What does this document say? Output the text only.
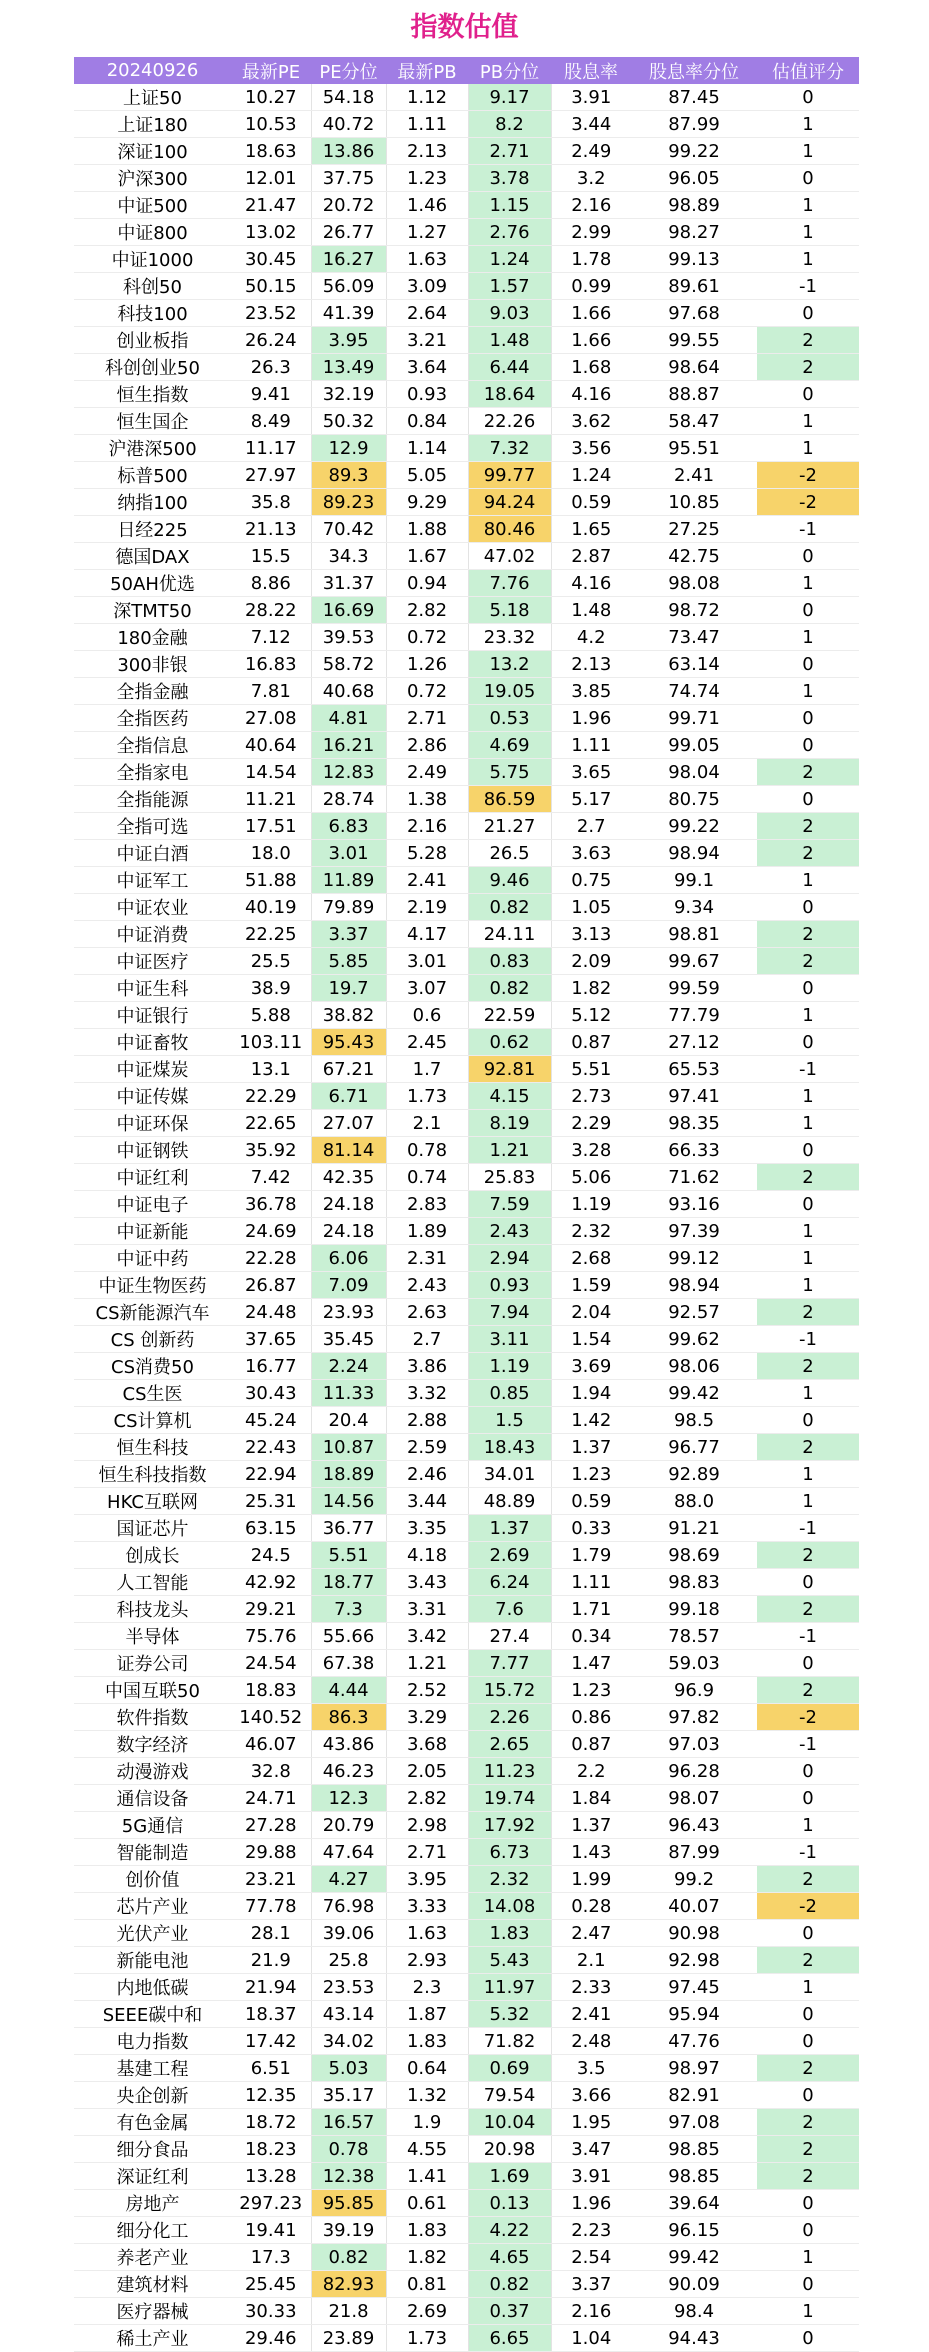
指数估值
20240926	最新PE	PE分位	最新PB	PB分位	股息率	股息率分位	估值评分
上证50	10.27	54.18	1.12	9.17	3.91	87.45	0
上证180	10.53	40.72	1.11	8.2	3.44	87.99	1
深证100	18.63	13.86	2.13	2.71	2.49	99.22	1
沪深300	12.01	37.75	1.23	3.78	3.2	96.05	0
中证500	21.47	20.72	1.46	1.15	2.16	98.89	1
中证800	13.02	26.77	1.27	2.76	2.99	98.27	1
中证1000	30.45	16.27	1.63	1.24	1.78	99.13	1
科创50	50.15	56.09	3.09	1.57	0.99	89.61	-1
科技100	23.52	41.39	2.64	9.03	1.66	97.68	0
创业板指	26.24	3.95	3.21	1.48	1.66	99.55	2
科创创业50	26.3	13.49	3.64	6.44	1.68	98.64	2
恒生指数	9.41	32.19	0.93	18.64	4.16	88.87	0
恒生国企	8.49	50.32	0.84	22.26	3.62	58.47	1
沪港深500	11.17	12.9	1.14	7.32	3.56	95.51	1
标普500	27.97	89.3	5.05	99.77	1.24	2.41	-2
纳指100	35.8	89.23	9.29	94.24	0.59	10.85	-2
日经225	21.13	70.42	1.88	80.46	1.65	27.25	-1
德国DAX	15.5	34.3	1.67	47.02	2.87	42.75	0
50AH优选	8.86	31.37	0.94	7.76	4.16	98.08	1
深TMT50	28.22	16.69	2.82	5.18	1.48	98.72	0
180金融	7.12	39.53	0.72	23.32	4.2	73.47	1
300非银	16.83	58.72	1.26	13.2	2.13	63.14	0
全指金融	7.81	40.68	0.72	19.05	3.85	74.74	1
全指医药	27.08	4.81	2.71	0.53	1.96	99.71	0
全指信息	40.64	16.21	2.86	4.69	1.11	99.05	0
全指家电	14.54	12.83	2.49	5.75	3.65	98.04	2
全指能源	11.21	28.74	1.38	86.59	5.17	80.75	0
全指可选	17.51	6.83	2.16	21.27	2.7	99.22	2
中证白酒	18.0	3.01	5.28	26.5	3.63	98.94	2
中证军工	51.88	11.89	2.41	9.46	0.75	99.1	1
中证农业	40.19	79.89	2.19	0.82	1.05	9.34	0
中证消费	22.25	3.37	4.17	24.11	3.13	98.81	2
中证医疗	25.5	5.85	3.01	0.83	2.09	99.67	2
中证生科	38.9	19.7	3.07	0.82	1.82	99.59	0
中证银行	5.88	38.82	0.6	22.59	5.12	77.79	1
中证畜牧	103.11	95.43	2.45	0.62	0.87	27.12	0
中证煤炭	13.1	67.21	1.7	92.81	5.51	65.53	-1
中证传媒	22.29	6.71	1.73	4.15	2.73	97.41	1
中证环保	22.65	27.07	2.1	8.19	2.29	98.35	1
中证钢铁	35.92	81.14	0.78	1.21	3.28	66.33	0
中证红利	7.42	42.35	0.74	25.83	5.06	71.62	2
中证电子	36.78	24.18	2.83	7.59	1.19	93.16	0
中证新能	24.69	24.18	1.89	2.43	2.32	97.39	1
中证中药	22.28	6.06	2.31	2.94	2.68	99.12	1
中证生物医药	26.87	7.09	2.43	0.93	1.59	98.94	1
CS新能源汽车	24.48	23.93	2.63	7.94	2.04	92.57	2
CS 创新药	37.65	35.45	2.7	3.11	1.54	99.62	-1
CS消费50	16.77	2.24	3.86	1.19	3.69	98.06	2
CS生医	30.43	11.33	3.32	0.85	1.94	99.42	1
CS计算机	45.24	20.4	2.88	1.5	1.42	98.5	0
恒生科技	22.43	10.87	2.59	18.43	1.37	96.77	2
恒生科技指数	22.94	18.89	2.46	34.01	1.23	92.89	1
HKC互联网	25.31	14.56	3.44	48.89	0.59	88.0	1
国证芯片	63.15	36.77	3.35	1.37	0.33	91.21	-1
创成长	24.5	5.51	4.18	2.69	1.79	98.69	2
人工智能	42.92	18.77	3.43	6.24	1.11	98.83	0
科技龙头	29.21	7.3	3.31	7.6	1.71	99.18	2
半导体	75.76	55.66	3.42	27.4	0.34	78.57	-1
证券公司	24.54	67.38	1.21	7.77	1.47	59.03	0
中国互联50	18.83	4.44	2.52	15.72	1.23	96.9	2
软件指数	140.52	86.3	3.29	2.26	0.86	97.82	-2
数字经济	46.07	43.86	3.68	2.65	0.87	97.03	-1
动漫游戏	32.8	46.23	2.05	11.23	2.2	96.28	0
通信设备	24.71	12.3	2.82	19.74	1.84	98.07	0
5G通信	27.28	20.79	2.98	17.92	1.37	96.43	1
智能制造	29.88	47.64	2.71	6.73	1.43	87.99	-1
创价值	23.21	4.27	3.95	2.32	1.99	99.2	2
芯片产业	77.78	76.98	3.33	14.08	0.28	40.07	-2
光伏产业	28.1	39.06	1.63	1.83	2.47	90.98	0
新能电池	21.9	25.8	2.93	5.43	2.1	92.98	2
内地低碳	21.94	23.53	2.3	11.97	2.33	97.45	1
SEEE碳中和	18.37	43.14	1.87	5.32	2.41	95.94	0
电力指数	17.42	34.02	1.83	71.82	2.48	47.76	0
基建工程	6.51	5.03	0.64	0.69	3.5	98.97	2
央企创新	12.35	35.17	1.32	79.54	3.66	82.91	0
有色金属	18.72	16.57	1.9	10.04	1.95	97.08	2
细分食品	18.23	0.78	4.55	20.98	3.47	98.85	2
深证红利	13.28	12.38	1.41	1.69	3.91	98.85	2
房地产	297.23	95.85	0.61	0.13	1.96	39.64	0
细分化工	19.41	39.19	1.83	4.22	2.23	96.15	0
养老产业	17.3	0.82	1.82	4.65	2.54	99.42	1
建筑材料	25.45	82.93	0.81	0.82	3.37	90.09	0
医疗器械	30.33	21.8	2.69	0.37	2.16	98.4	1
稀土产业	29.46	23.89	1.73	6.65	1.04	94.43	0
